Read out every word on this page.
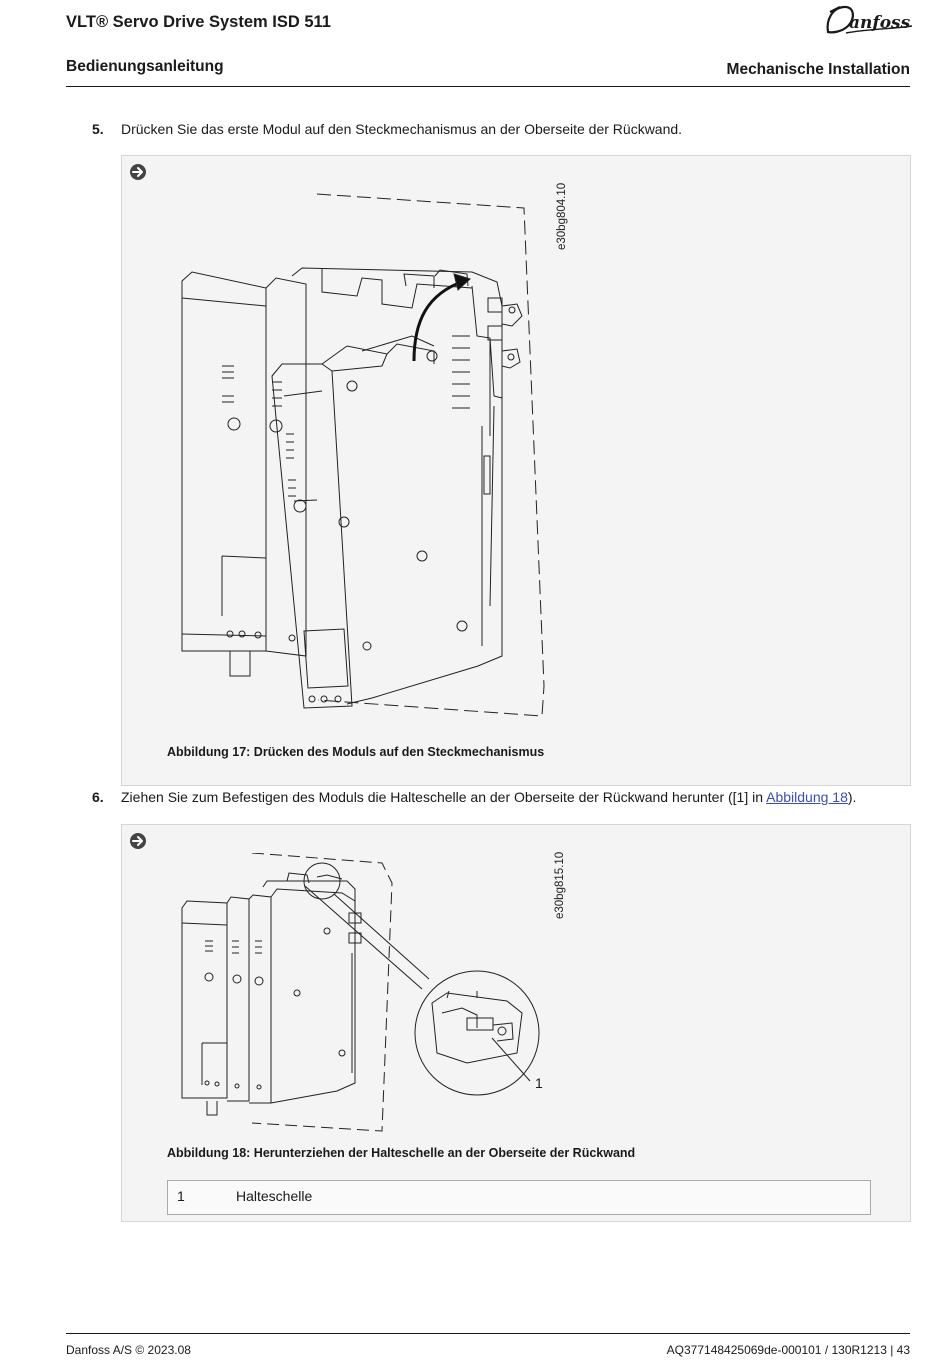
VLT® Servo Drive System ISD 511	anfoss
Bedienungsanleitung	Mechanische Installation
5. Drücken Sie das erste Modul auf den Steckmechanismus an der Oberseite der Rückwand.
e30bg804.10
Abbildung 17: Drücken des Moduls auf den Steckmechanismus
6. Ziehen Sie zum Befestigen des Moduls die Halteschelle an der Oberseite der Rückwand herunter ([1] in Abbildung 18).
e30bg815.10
1
Abbildung 18: Herunterziehen der Halteschelle an der Oberseite der Rückwand
1	Halteschelle
Danfoss A/S © 2023.08	AQ377148425069de-000101 / 130R1213 | 43
